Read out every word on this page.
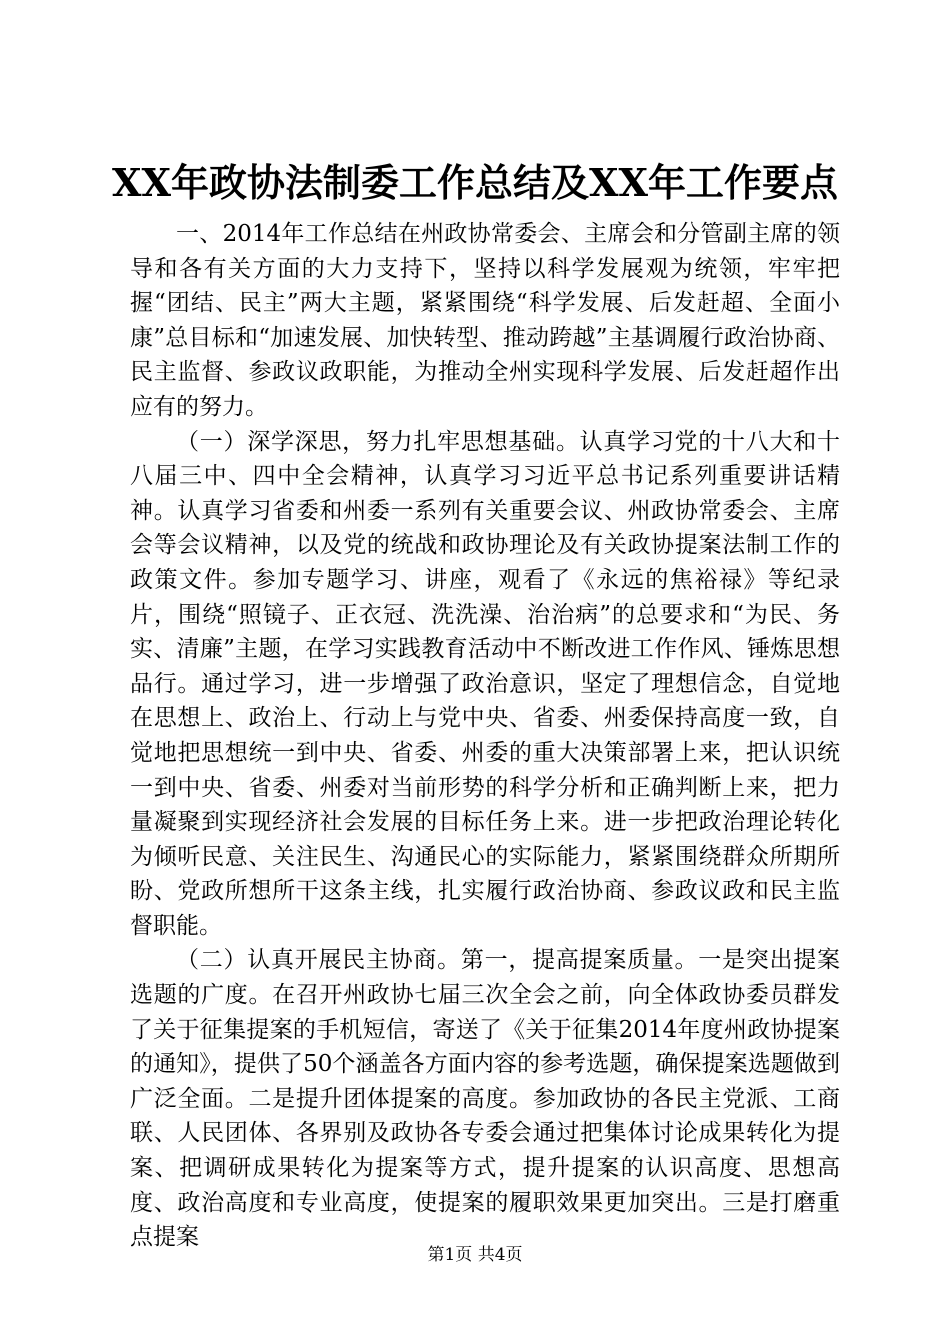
XX年政协法制委工作总结及XX年工作要点

一、2014年工作总结在州政协常委会、主席会和分管副主席的领导和各有关方面的大力支持下，坚持以科学发展观为统领，牢牢把握“团结、民主”两大主题，紧紧围绕“科学发展、后发赶超、全面小康”总目标和“加速发展、加快转型、推动跨越”主基调履行政治协商、民主监督、参政议政职能，为推动全州实现科学发展、后发赶超作出应有的努力。

（一）深学深思，努力扎牢思想基础。认真学习党的十八大和十八届三中、四中全会精神，认真学习习近平总书记系列重要讲话精神。认真学习省委和州委一系列有关重要会议、州政协常委会、主席会等会议精神，以及党的统战和政协理论及有关政协提案法制工作的政策文件。参加专题学习、讲座，观看了《永远的焦裕禄》等纪录片，围绕“照镜子、正衣冠、洗洗澡、治治病”的总要求和“为民、务实、清廉”主题，在学习实践教育活动中不断改进工作作风、锤炼思想品行。通过学习，进一步增强了政治意识，坚定了理想信念，自觉地在思想上、政治上、行动上与党中央、省委、州委保持高度一致，自觉地把思想统一到中央、省委、州委的重大决策部署上来，把认识统一到中央、省委、州委对当前形势的科学分析和正确判断上来，把力量凝聚到实现经济社会发展的目标任务上来。进一步把政治理论转化为倾听民意、关注民生、沟通民心的实际能力，紧紧围绕群众所期所盼、党政所想所干这条主线，扎实履行政治协商、参政议政和民主监督职能。

（二）认真开展民主协商。第一，提高提案质量。一是突出提案选题的广度。在召开州政协七届三次全会之前，向全体政协委员群发了关于征集提案的手机短信，寄送了《关于征集2014年度州政协提案的通知》，提供了50个涵盖各方面内容的参考选题，确保提案选题做到广泛全面。二是提升团体提案的高度。参加政协的各民主党派、工商联、人民团体、各界别及政协各专委会通过把集体讨论成果转化为提案、把调研成果转化为提案等方式，提升提案的认识高度、思想高度、政治高度和专业高度，使提案的履职效果更加突出。三是打磨重点提案

第1页 共4页
